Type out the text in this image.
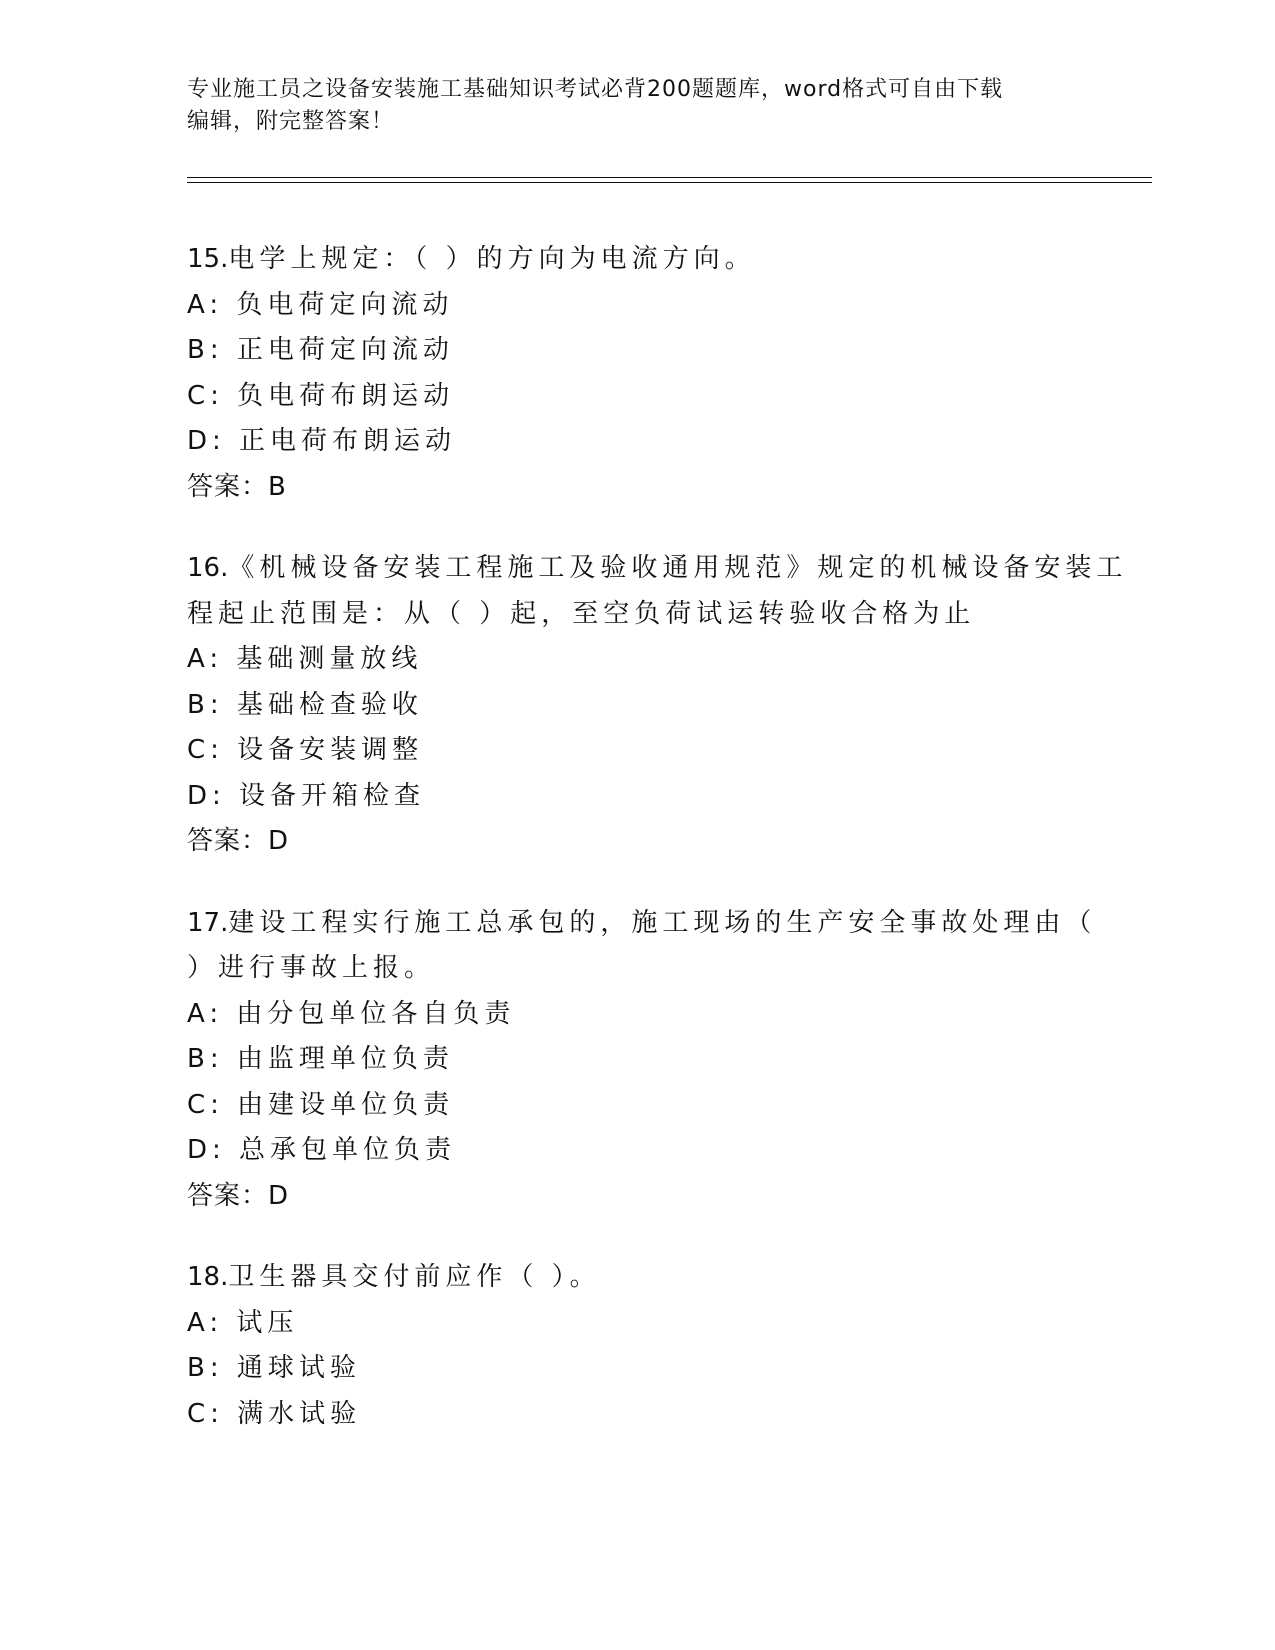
专业施工员之设备安装施工基础知识考试必背200题题库，word格式可自由下载
编辑，附完整答案！
15.电学上规定：（ ）的方向为电流方向。
A: 负电荷定向流动
B: 正电荷定向流动
C: 负电荷布朗运动
D: 正电荷布朗运动
答案：B
16.《机械设备安装工程施工及验收通用规范》规定的机械设备安装工
程起止范围是：从（ ）起，至空负荷试运转验收合格为止
A: 基础测量放线
B: 基础检查验收
C: 设备安装调整
D: 设备开箱检查
答案：D
17.建设工程实行施工总承包的，施工现场的生产安全事故处理由（
）进行事故上报。
A: 由分包单位各自负责
B: 由监理单位负责
C: 由建设单位负责
D: 总承包单位负责
答案：D
18.卫生器具交付前应作（ ）。
A: 试压
B: 通球试验
C: 满水试验
